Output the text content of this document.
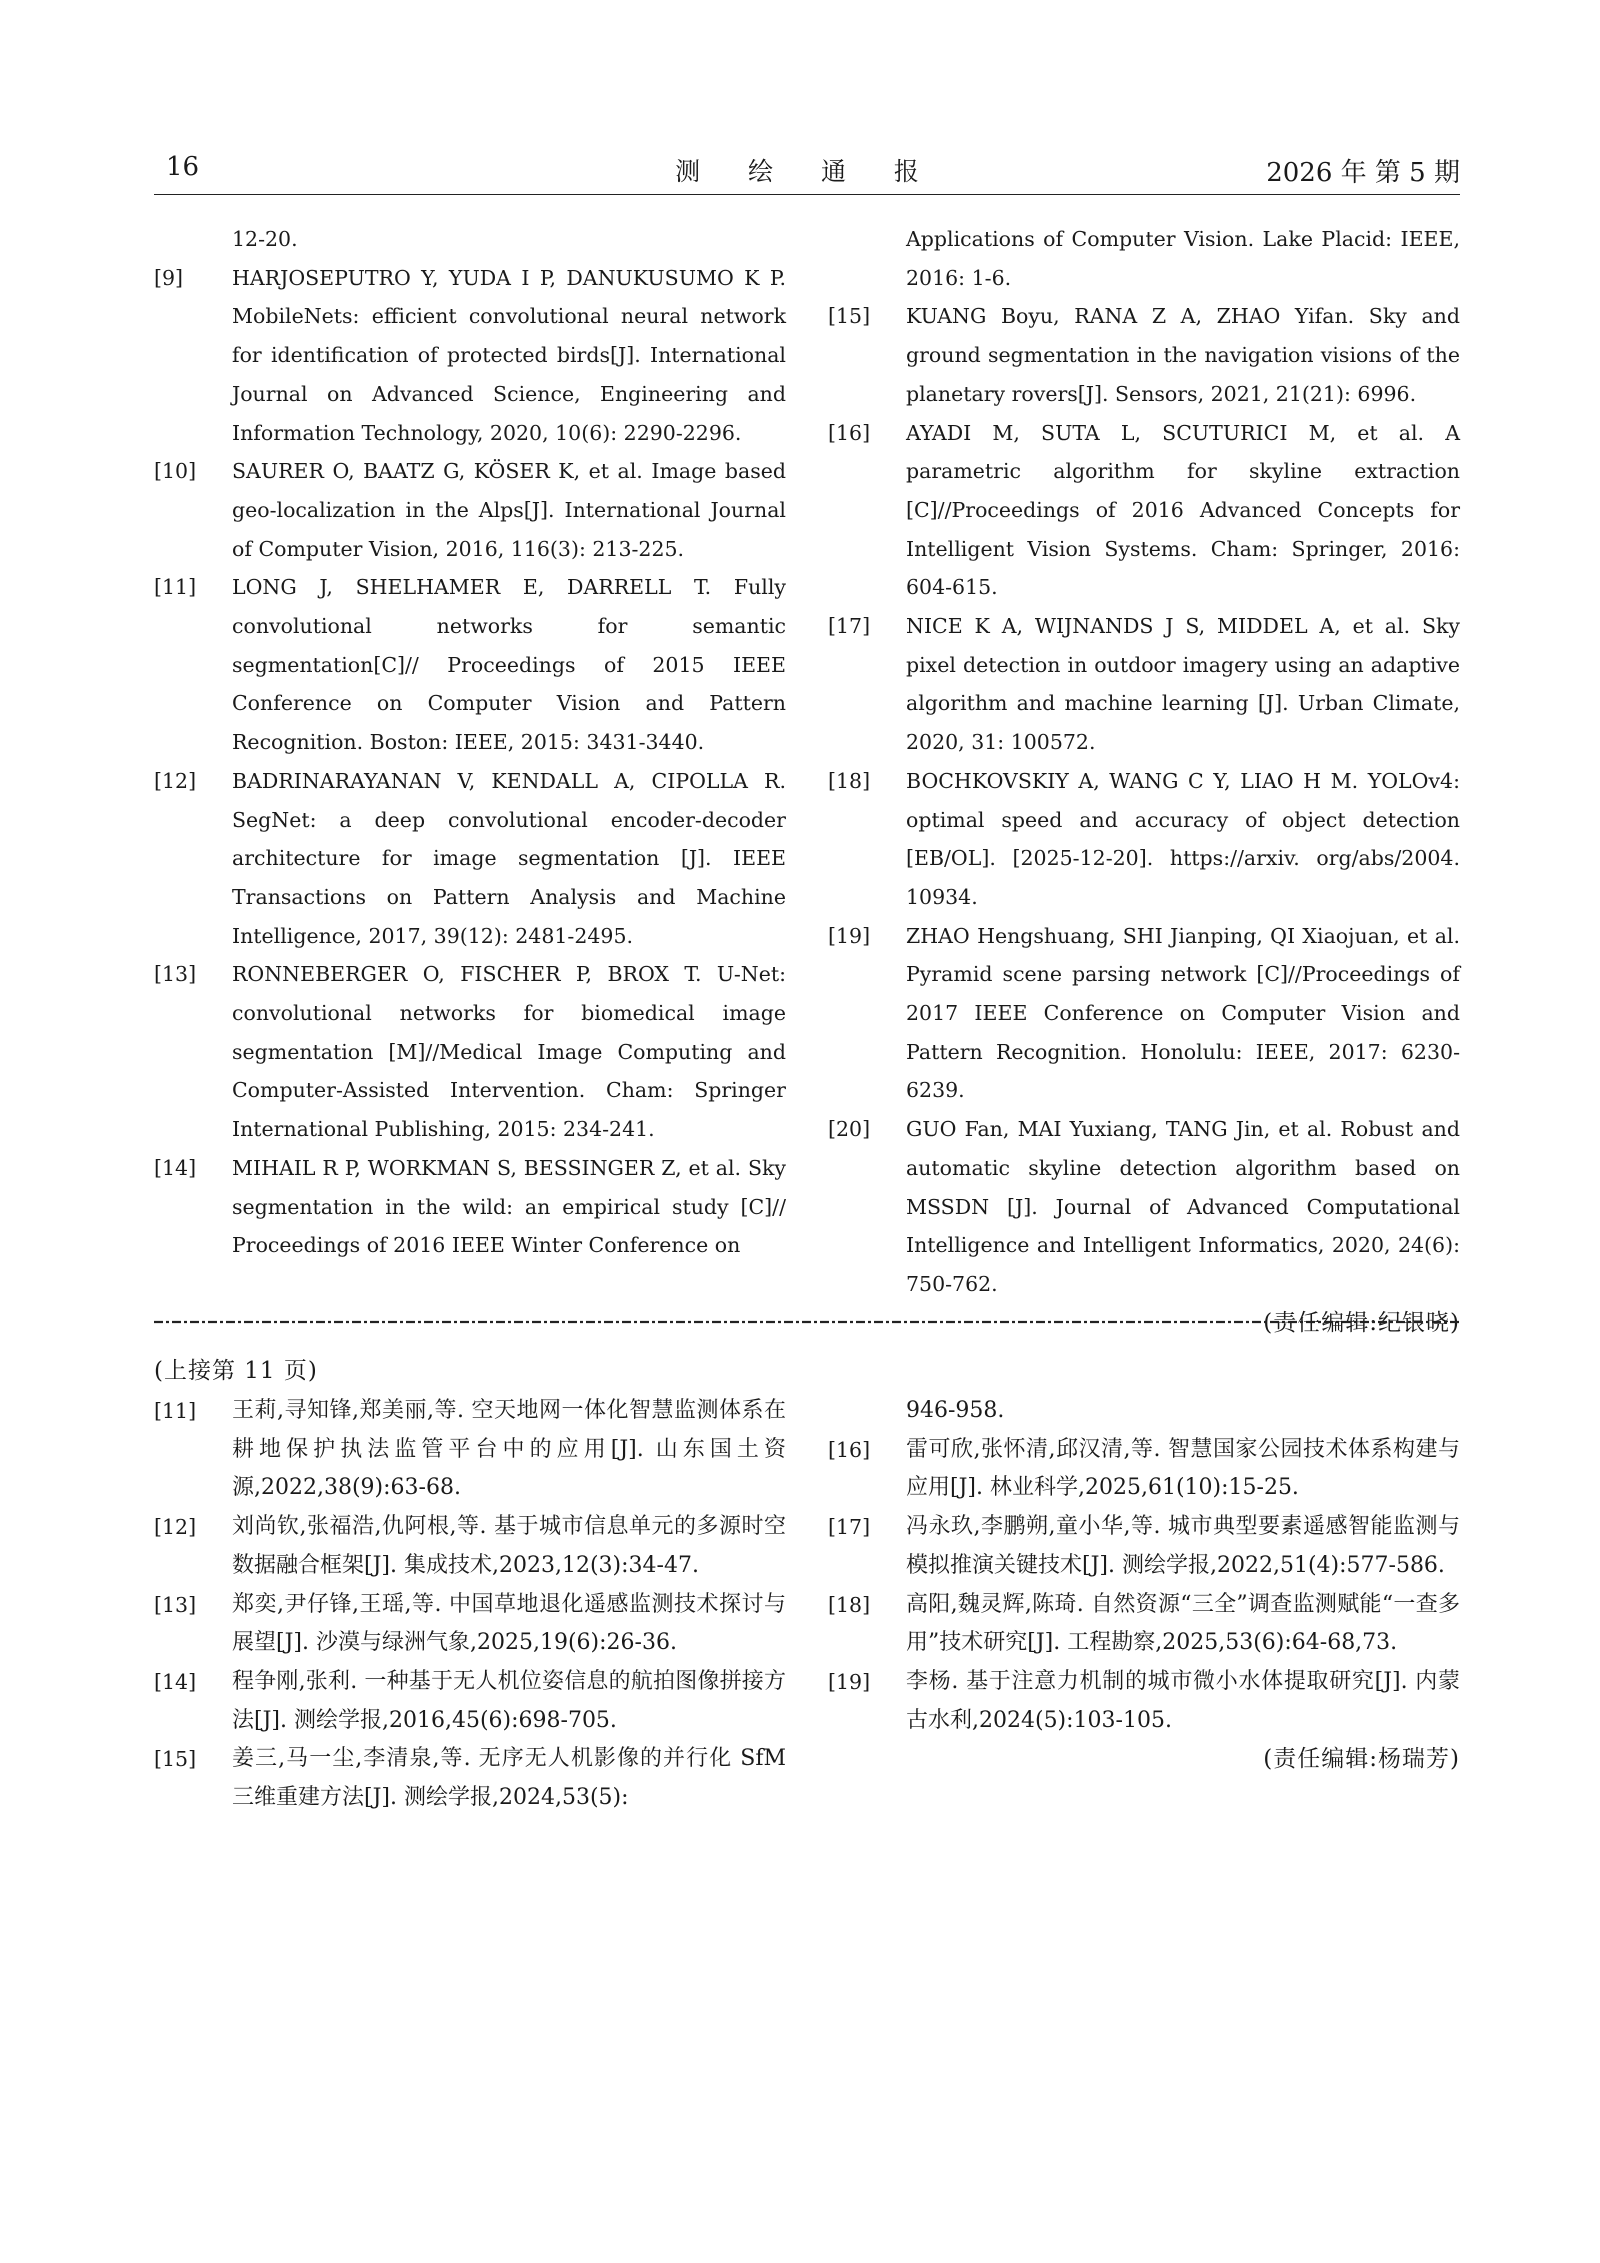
16	测 绘 通 报	2026 年 第 5 期
12-20.
[9] HARJOSEPUTRO Y, YUDA I P, DANUKUSUMO K P. MobileNets: efficient convolutional neural network for identification of protected birds[J]. International Journal on Advanced Science, Engineering and Information Technology, 2020, 10(6): 2290-2296.
[10] SAURER O, BAATZ G, KÖSER K, et al. Image based geo-localization in the Alps[J]. International Journal of Computer Vision, 2016, 116(3): 213-225.
[11] LONG J, SHELHAMER E, DARRELL T. Fully convolutional networks for semantic segmentation[C]// Proceedings of 2015 IEEE Conference on Computer Vision and Pattern Recognition. Boston: IEEE, 2015: 3431-3440.
[12] BADRINARAYANAN V, KENDALL A, CIPOLLA R. SegNet: a deep convolutional encoder-decoder architecture for image segmentation [J]. IEEE Transactions on Pattern Analysis and Machine Intelligence, 2017, 39(12): 2481-2495.
[13] RONNEBERGER O, FISCHER P, BROX T. U-Net: convolutional networks for biomedical image segmentation [M]//Medical Image Computing and Computer-Assisted Intervention. Cham: Springer International Publishing, 2015: 234-241.
[14] MIHAIL R P, WORKMAN S, BESSINGER Z, et al. Sky segmentation in the wild: an empirical study [C]// Proceedings of 2016 IEEE Winter Conference on
Applications of Computer Vision. Lake Placid: IEEE, 2016: 1-6.
[15] KUANG Boyu, RANA Z A, ZHAO Yifan. Sky and ground segmentation in the navigation visions of the planetary rovers[J]. Sensors, 2021, 21(21): 6996.
[16] AYADI M, SUTA L, SCUTURICI M, et al. A parametric algorithm for skyline extraction [C]//Proceedings of 2016 Advanced Concepts for Intelligent Vision Systems. Cham: Springer, 2016: 604-615.
[17] NICE K A, WIJNANDS J S, MIDDEL A, et al. Sky pixel detection in outdoor imagery using an adaptive algorithm and machine learning [J]. Urban Climate, 2020, 31: 100572.
[18] BOCHKOVSKIY A, WANG C Y, LIAO H M. YOLOv4: optimal speed and accuracy of object detection [EB/OL]. [2025-12-20]. https://arxiv. org/abs/2004. 10934.
[19] ZHAO Hengshuang, SHI Jianping, QI Xiaojuan, et al. Pyramid scene parsing network [C]//Proceedings of 2017 IEEE Conference on Computer Vision and Pattern Recognition. Honolulu: IEEE, 2017: 6230-6239.
[20] GUO Fan, MAI Yuxiang, TANG Jin, et al. Robust and automatic skyline detection algorithm based on MSSDN [J]. Journal of Advanced Computational Intelligence and Intelligent Informatics, 2020, 24(6): 750-762.
(责任编辑:纪银晓)
(上接第 11 页)
[11] 王莉,寻知锋,郑美丽,等. 空天地网一体化智慧监测体系在耕地保护执法监管平台中的应用[J]. 山东国土资源,2022,38(9):63-68.
[12] 刘尚钦,张福浩,仇阿根,等. 基于城市信息单元的多源时空数据融合框架[J]. 集成技术,2023,12(3):34-47.
[13] 郑奕,尹仔锋,王瑶,等. 中国草地退化遥感监测技术探讨与展望[J]. 沙漠与绿洲气象,2025,19(6):26-36.
[14] 程争刚,张利. 一种基于无人机位姿信息的航拍图像拼接方法[J]. 测绘学报,2016,45(6):698-705.
[15] 姜三,马一尘,李清泉,等. 无序无人机影像的并行化 SfM 三维重建方法[J]. 测绘学报,2024,53(5):
946-958.
[16] 雷可欣,张怀清,邱汉清,等. 智慧国家公园技术体系构建与应用[J]. 林业科学,2025,61(10):15-25.
[17] 冯永玖,李鹏朔,童小华,等. 城市典型要素遥感智能监测与模拟推演关键技术[J]. 测绘学报,2022,51(4):577-586.
[18] 高阳,魏灵辉,陈琦. 自然资源“三全”调查监测赋能“一查多用”技术研究[J]. 工程勘察,2025,53(6):64-68,73.
[19] 李杨. 基于注意力机制的城市微小水体提取研究[J]. 内蒙古水利,2024(5):103-105.
(责任编辑:杨瑞芳)
